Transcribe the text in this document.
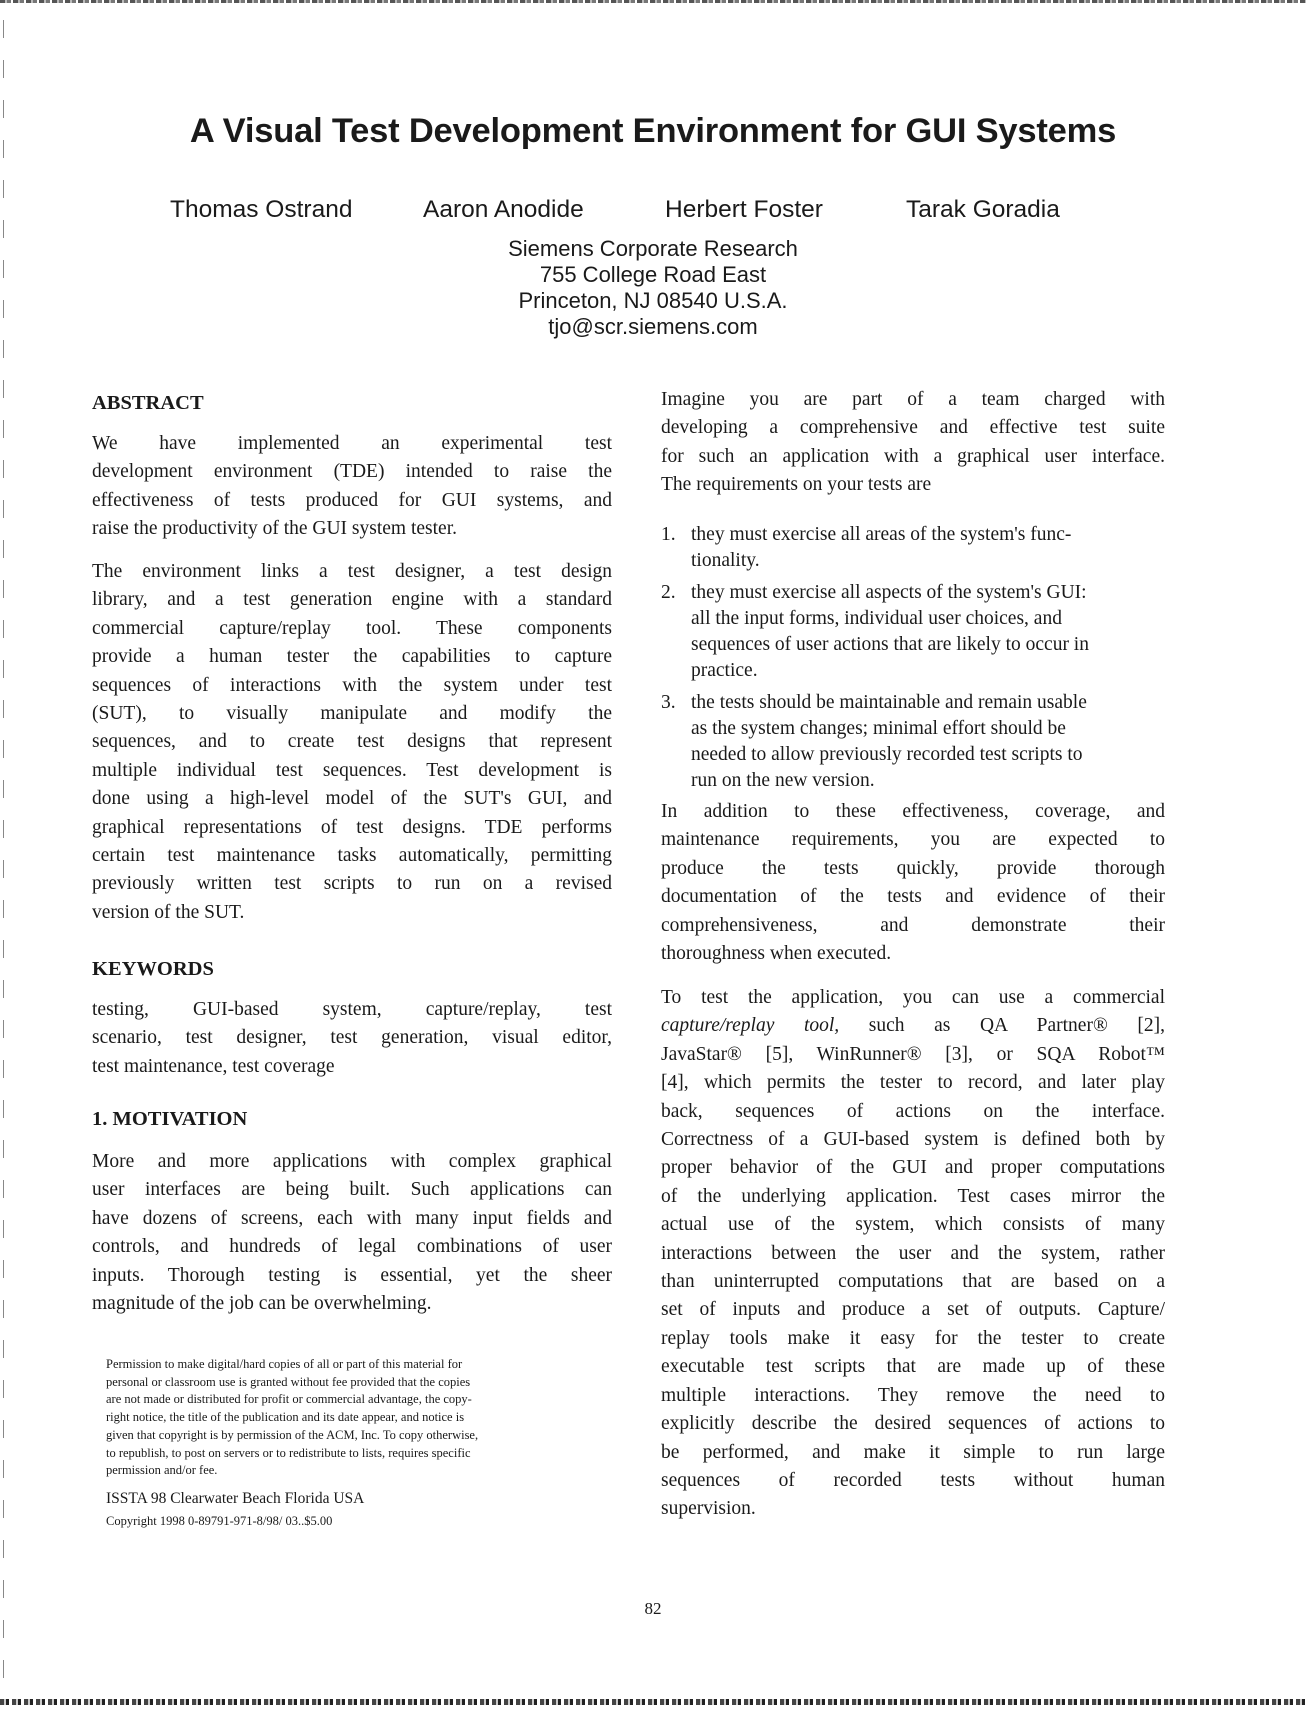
A Visual Test Development Environment for GUI Systems
Thomas Ostrand	Aaron Anodide	Herbert Foster	Tarak Goradia
Siemens Corporate Research
755 College Road East
Princeton, NJ 08540 U.S.A.
tjo@scr.siemens.com
ABSTRACT

We have implemented an experimental test

development environment (TDE) intended to raise the

effectiveness of tests produced for GUI systems, and

raise the productivity of the GUI system tester.

The environment links a test designer, a test design

library, and a test generation engine with a standard

commercial capture/replay tool. These components

provide a human tester the capabilities to capture

sequences of interactions with the system under test

(SUT), to visually manipulate and modify the

sequences, and to create test designs that represent

multiple individual test sequences. Test development is

done using a high-level model of the SUT's GUI, and

graphical representations of test designs. TDE performs

certain test maintenance tasks automatically, permitting

previously written test scripts to run on a revised

version of the SUT.

KEYWORDS

testing, GUI-based system, capture/replay, test

scenario, test designer, test generation, visual editor,

test maintenance, test coverage

1. MOTIVATION

More and more applications with complex graphical

user interfaces are being built. Such applications can

have dozens of screens, each with many input fields and

controls, and hundreds of legal combinations of user

inputs. Thorough testing is essential, yet the sheer

magnitude of the job can be overwhelming.

Permission to make digital/hard copies of all or part of this material for
personal or classroom use is granted without fee provided that the copies
are not made or distributed for profit or commercial advantage, the copy-
right notice, the title of the publication and its date appear, and notice is
given that copyright is by permission of the ACM, Inc. To copy otherwise,
to republish, to post on servers or to redistribute to lists, requires specific
permission and/or fee.
ISSTA 98 Clearwater Beach Florida USA
Copyright 1998 0-89791-971-8/98/ 03..$5.00

Imagine you are part of a team charged with

developing a comprehensive and effective test suite

for such an application with a graphical user interface.

The requirements on your tests are

1. they must exercise all areas of the system's func-
tionality.
2. they must exercise all aspects of the system's GUI:
all the input forms, individual user choices, and
sequences of user actions that are likely to occur in
practice.
3. the tests should be maintainable and remain usable
as the system changes; minimal effort should be
needed to allow previously recorded test scripts to
run on the new version.

In addition to these effectiveness, coverage, and

maintenance requirements, you are expected to

produce the tests quickly, provide thorough

documentation of the tests and evidence of their

comprehensiveness, and demonstrate their

thoroughness when executed.

To test the application, you can use a commercial

capture/replay tool, such as QA Partner® [2],

JavaStar® [5], WinRunner® [3], or SQA Robot™

[4], which permits the tester to record, and later play

back, sequences of actions on the interface.

Correctness of a GUI-based system is defined both by

proper behavior of the GUI and proper computations

of the underlying application. Test cases mirror the

actual use of the system, which consists of many

interactions between the user and the system, rather

than uninterrupted computations that are based on a

set of inputs and produce a set of outputs. Capture/

replay tools make it easy for the tester to create

executable test scripts that are made up of these

multiple interactions. They remove the need to

explicitly describe the desired sequences of actions to

be performed, and make it simple to run large

sequences of recorded tests without human

supervision.

82
